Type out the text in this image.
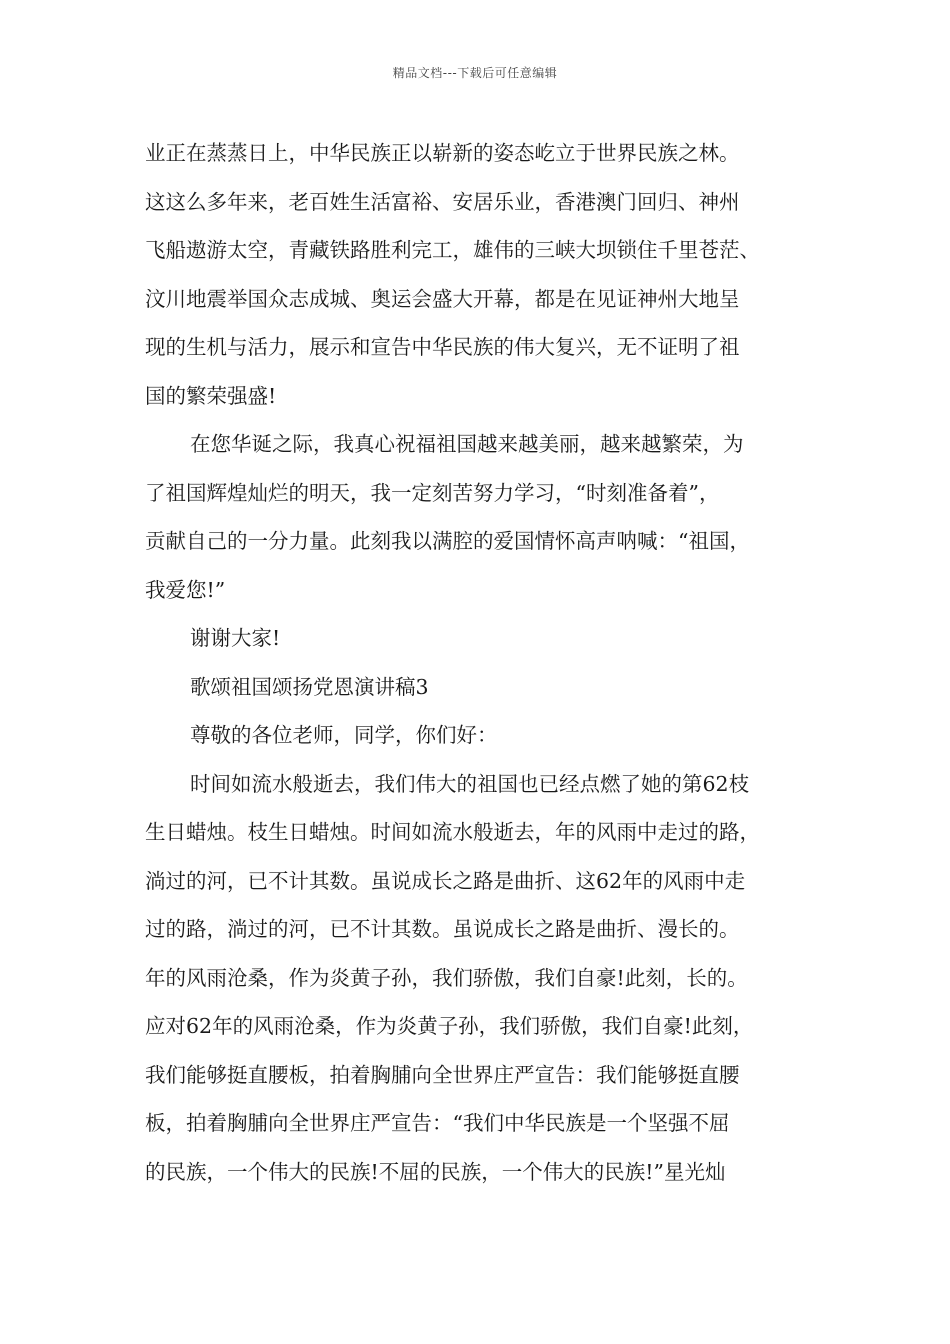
精品文档---下载后可任意编辑
业正在蒸蒸日上，中华民族正以崭新的姿态屹立于世界民族之林。
这这么多年来，老百姓生活富裕、安居乐业，香港澳门回归、神州
飞船遨游太空，青藏铁路胜利完工，雄伟的三峡大坝锁住千里苍茫、
汶川地震举国众志成城、奥运会盛大开幕，都是在见证神州大地呈
现的生机与活力，展示和宣告中华民族的伟大复兴，无不证明了祖
国的繁荣强盛!
在您华诞之际，我真心祝福祖国越来越美丽，越来越繁荣，为
了祖国辉煌灿烂的明天，我一定刻苦努力学习，“时刻准备着”，
贡献自己的一分力量。此刻我以满腔的爱国情怀高声呐喊：“祖国，
我爱您!”
谢谢大家!
歌颂祖国颂扬党恩演讲稿3
尊敬的各位老师，同学，你们好：
时间如流水般逝去，我们伟大的祖国也已经点燃了她的第62枝
生日蜡烛。枝生日蜡烛。时间如流水般逝去，年的风雨中走过的路，
淌过的河，已不计其数。虽说成长之路是曲折、这62年的风雨中走
过的路，淌过的河，已不计其数。虽说成长之路是曲折、漫长的。
年的风雨沧桑，作为炎黄子孙，我们骄傲，我们自豪!此刻，长的。
应对62年的风雨沧桑，作为炎黄子孙，我们骄傲，我们自豪!此刻，
我们能够挺直腰板，拍着胸脯向全世界庄严宣告：我们能够挺直腰
板，拍着胸脯向全世界庄严宣告：“我们中华民族是一个坚强不屈
的民族，一个伟大的民族!不屈的民族，一个伟大的民族!”星光灿
